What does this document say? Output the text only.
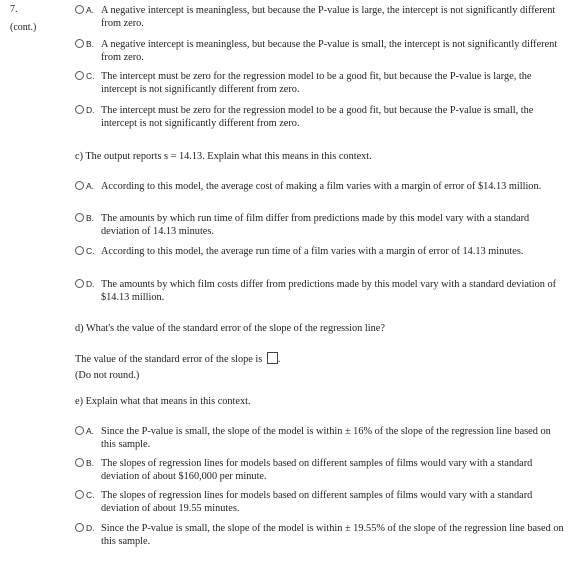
7.
(cont.)
A. A negative intercept is meaningless, but because the P-value is large, the intercept is not significantly different from zero.
B. A negative intercept is meaningless, but because the P-value is small, the intercept is not significantly different from zero.
C. The intercept must be zero for the regression model to be a good fit, but because the P-value is large, the intercept is not significantly different from zero.
D. The intercept must be zero for the regression model to be a good fit, but because the P-value is small, the intercept is not significantly different from zero.
c) The output reports s = 14.13. Explain what this means in this context.
A. According to this model, the average cost of making a film varies with a margin of error of $14.13 million.
B. The amounts by which run time of film differ from predictions made by this model vary with a standard deviation of 14.13 minutes.
C. According to this model, the average run time of a film varies with a margin of error of 14.13 minutes.
D. The amounts by which film costs differ from predictions made by this model vary with a standard deviation of $14.13 million.
d) What's the value of the standard error of the slope of the regression line?
The value of the standard error of the slope is .
(Do not round.)
e) Explain what that means in this context.
A. Since the P-value is small, the slope of the model is within ± 16% of the slope of the regression line based on this sample.
B. The slopes of regression lines for models based on different samples of films would vary with a standard deviation of about $160,000 per minute.
C. The slopes of regression lines for models based on different samples of films would vary with a standard deviation of about 19.55 minutes.
D. Since the P-value is small, the slope of the model is within ± 19.55% of the slope of the regression line based on this sample.
